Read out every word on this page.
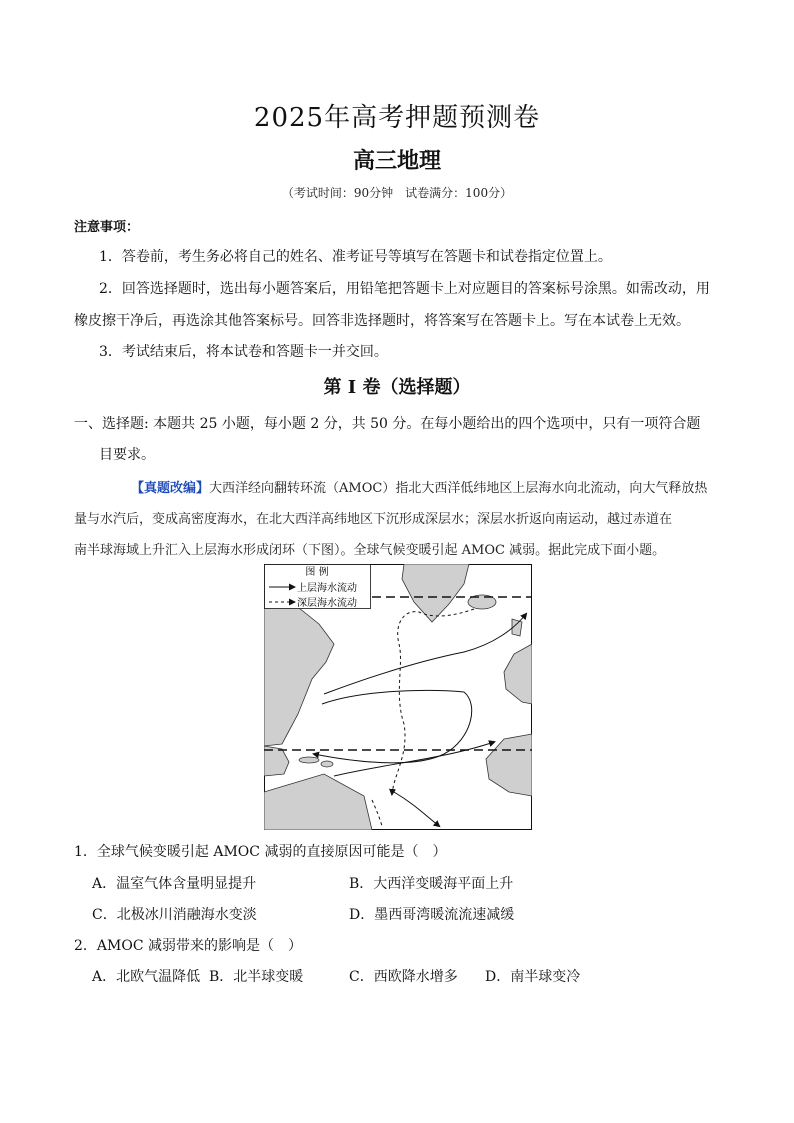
2025年高考押题预测卷
高三地理
（考试时间：90分钟　试卷满分：100分）
注意事项：
1．答卷前，考生务必将自己的姓名、准考证号等填写在答题卡和试卷指定位置上。
2．回答选择题时，选出每小题答案后，用铅笔把答题卡上对应题目的答案标号涂黑。如需改动，用
橡皮擦干净后，再选涂其他答案标号。回答非选择题时，将答案写在答题卡上。写在本试卷上无效。
3．考试结束后，将本试卷和答题卡一并交回。
第 I 卷（选择题）
一、选择题: 本题共 25 小题，每小题 2 分，共 50 分。在每小题给出的四个选项中，只有一项符合题
目要求。
【真题改编】大西洋经向翻转环流（AMOC）指北大西洋低纬地区上层海水向北流动，向大气释放热
量与水汽后，变成高密度海水，在北大西洋高纬地区下沉形成深层水；深层水折返向南运动，越过赤道在
南半球海域上升汇入上层海水形成闭环（下图）。全球气候变暖引起 AMOC 减弱。据此完成下面小题。
图 例
上层海水流动
深层海水流动
1．全球气候变暖引起 AMOC 减弱的直接原因可能是（　）
A．温室气体含量明显提升	B．大西洋变暖海平面上升
C．北极冰川消融海水变淡	D．墨西哥湾暖流流速减缓
2．AMOC 减弱带来的影响是（　）
A．北欧气温降低 B．北半球变暖	C．西欧降水增多 D．南半球变冷
